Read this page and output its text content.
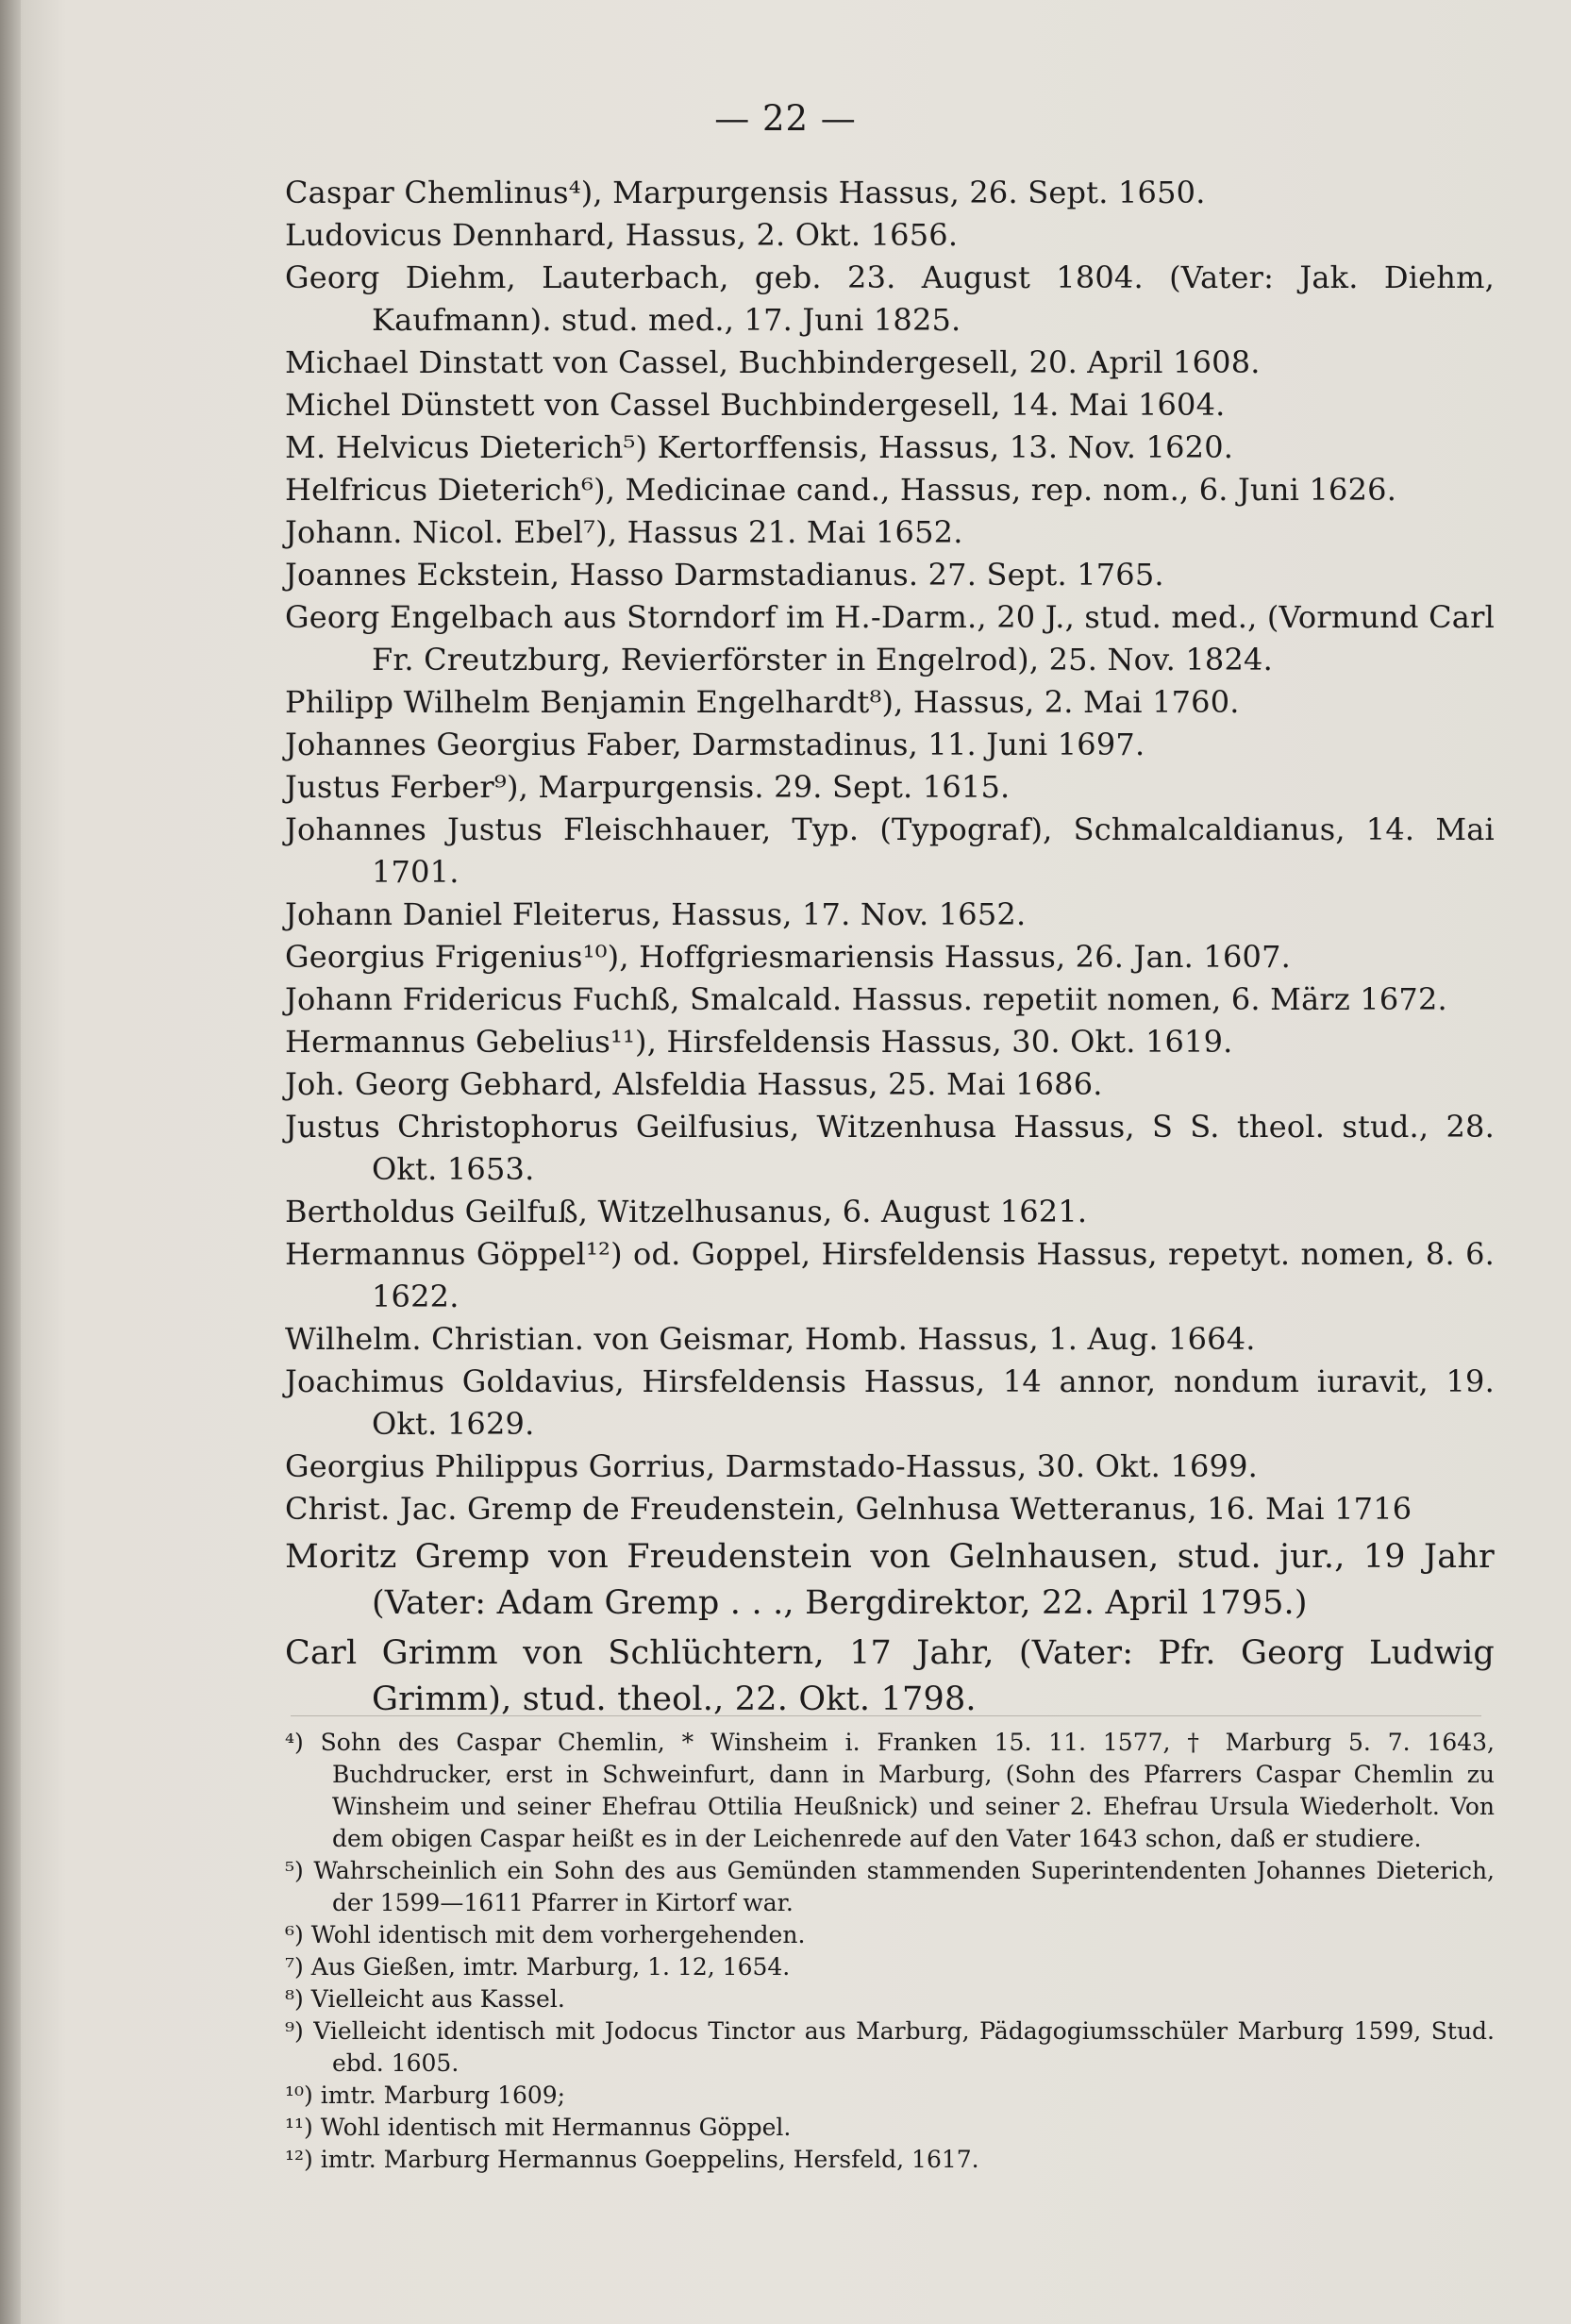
— 22 —
Caspar Chemlinus⁴), Marpurgensis Hassus, 26. Sept. 1650.
Ludovicus Dennhard, Hassus, 2. Okt. 1656.
Georg Diehm, Lauterbach, geb. 23. August 1804. (Vater: Jak. Diehm, Kaufmann). stud. med., 17. Juni 1825.
Michael Dinstatt von Cassel, Buchbindergesell, 20. April 1608.
Michel Dünstett von Cassel Buchbindergesell, 14. Mai 1604.
M. Helvicus Dieterich⁵) Kertorffensis, Hassus, 13. Nov. 1620.
Helfricus Dieterich⁶), Medicinae cand., Hassus, rep. nom., 6. Juni 1626.
Johann. Nicol. Ebel⁷), Hassus 21. Mai 1652.
Joannes Eckstein, Hasso Darmstadianus. 27. Sept. 1765.
Georg Engelbach aus Storndorf im H.-Darm., 20 J., stud. med., (Vormund Carl Fr. Creutzburg, Revierförster in Engelrod), 25. Nov. 1824.
Philipp Wilhelm Benjamin Engelhardt⁸), Hassus, 2. Mai 1760.
Johannes Georgius Faber, Darmstadinus, 11. Juni 1697.
Justus Ferber⁹), Marpurgensis. 29. Sept. 1615.
Johannes Justus Fleischhauer, Typ. (Typograf), Schmalcaldianus, 14. Mai 1701.
Johann Daniel Fleiterus, Hassus, 17. Nov. 1652.
Georgius Frigenius¹⁰), Hoffgriesmariensis Hassus, 26. Jan. 1607.
Johann Fridericus Fuchß, Smalcald. Hassus. repetiit nomen, 6. März 1672.
Hermannus Gebelius¹¹), Hirsfeldensis Hassus, 30. Okt. 1619.
Joh. Georg Gebhard, Alsfeldia Hassus, 25. Mai 1686.
Justus Christophorus Geilfusius, Witzenhusa Hassus, S S. theol. stud., 28. Okt. 1653.
Bertholdus Geilfuß, Witzelhusanus, 6. August 1621.
Hermannus Göppel¹²) od. Goppel, Hirsfeldensis Hassus, repetyt. nomen, 8. 6. 1622.
Wilhelm. Christian. von Geismar, Homb. Hassus, 1. Aug. 1664.
Joachimus Goldavius, Hirsfeldensis Hassus, 14 annor, nondum iuravit, 19. Okt. 1629.
Georgius Philippus Gorrius, Darmstado-Hassus, 30. Okt. 1699.
Christ. Jac. Gremp de Freudenstein, Gelnhusa Wetteranus, 16. Mai 1716
Moritz Gremp von Freudenstein von Gelnhausen, stud. jur., 19 Jahr (Vater: Adam Gremp . . ., Bergdirektor, 22. April 1795.)
Carl Grimm von Schlüchtern, 17 Jahr, (Vater: Pfr. Georg Ludwig Grimm), stud. theol., 22. Okt. 1798.
⁴) Sohn des Caspar Chemlin, * Winsheim i. Franken 15. 11. 1577, † Marburg 5. 7. 1643, Buchdrucker, erst in Schweinfurt, dann in Marburg, (Sohn des Pfarrers Caspar Chemlin zu Winsheim und seiner Ehefrau Ottilia Heußnick) und seiner 2. Ehefrau Ursula Wiederholt. Von dem obigen Caspar heißt es in der Leichenrede auf den Vater 1643 schon, daß er studiere.
⁵) Wahrscheinlich ein Sohn des aus Gemünden stammenden Superintendenten Johannes Dieterich, der 1599—1611 Pfarrer in Kirtorf war.
⁶) Wohl identisch mit dem vorhergehenden.
⁷) Aus Gießen, imtr. Marburg, 1. 12, 1654.
⁸) Vielleicht aus Kassel.
⁹) Vielleicht identisch mit Jodocus Tinctor aus Marburg, Pädagogiumsschüler Marburg 1599, Stud. ebd. 1605.
¹⁰) imtr. Marburg 1609;
¹¹) Wohl identisch mit Hermannus Göppel.
¹²) imtr. Marburg Hermannus Goeppelins, Hersfeld, 1617.
